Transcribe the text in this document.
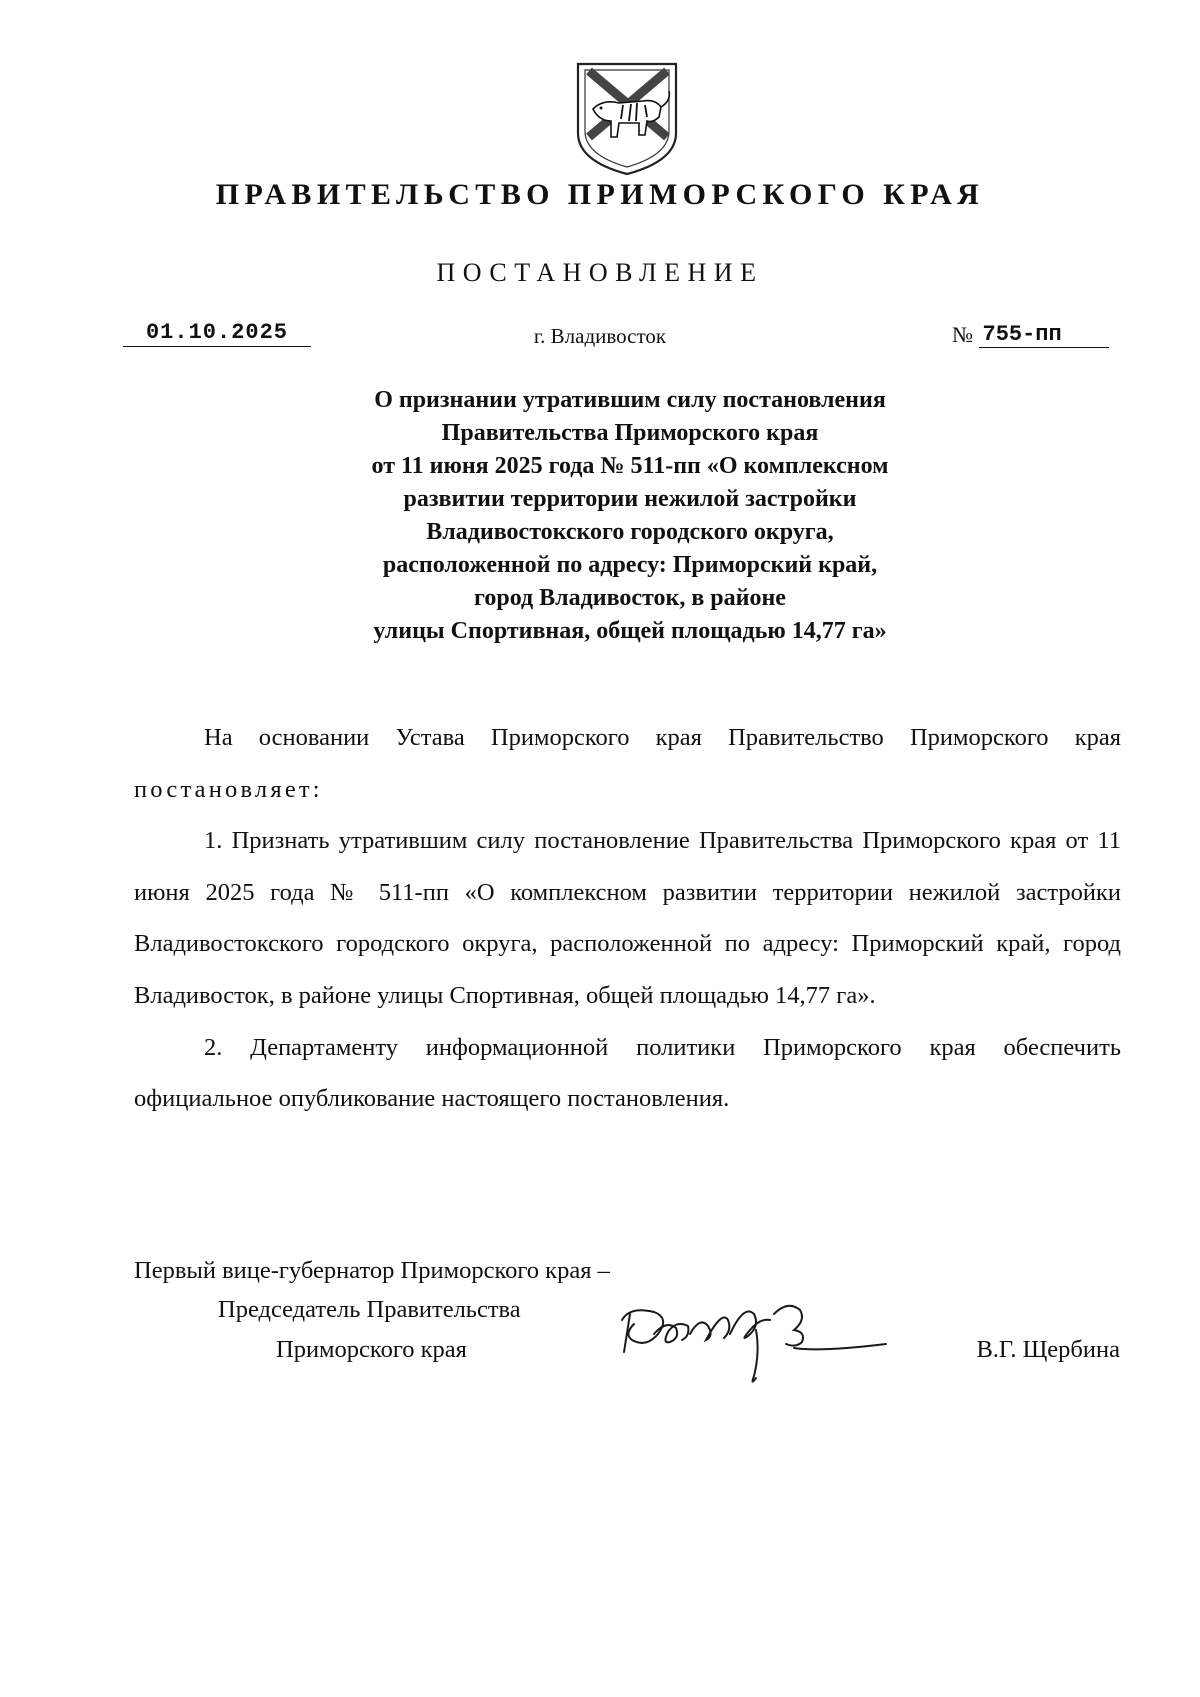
ПРАВИТЕЛЬСТВО ПРИМОРСКОГО КРАЯ
ПОСТАНОВЛЕНИЕ
01.10.2025	г. Владивосток	№ 755-пп
О признании утратившим силу постановления
Правительства Приморского края
от 11 июня 2025 года № 511-пп «О комплексном
развитии территории нежилой застройки
Владивостокского городского округа,
расположенной по адресу: Приморский край,
город Владивосток, в районе
улицы Спортивная, общей площадью 14,77 га»

На основании Устава Приморского края Правительство Приморского края постановляет:

1. Признать утратившим силу постановление Правительства Приморского края от 11 июня 2025 года № 511-пп «О комплексном развитии территории нежилой застройки Владивостокского городского округа, расположенной по адресу: Приморский край, город Владивосток, в районе улицы Спортивная, общей площадью 14,77 га».

2. Департаменту информационной политики Приморского края обеспечить официальное опубликование настоящего постановления.

Первый вице-губернатор Приморского края –
Председатель Правительства
Приморского края	В.Г. Щербина
